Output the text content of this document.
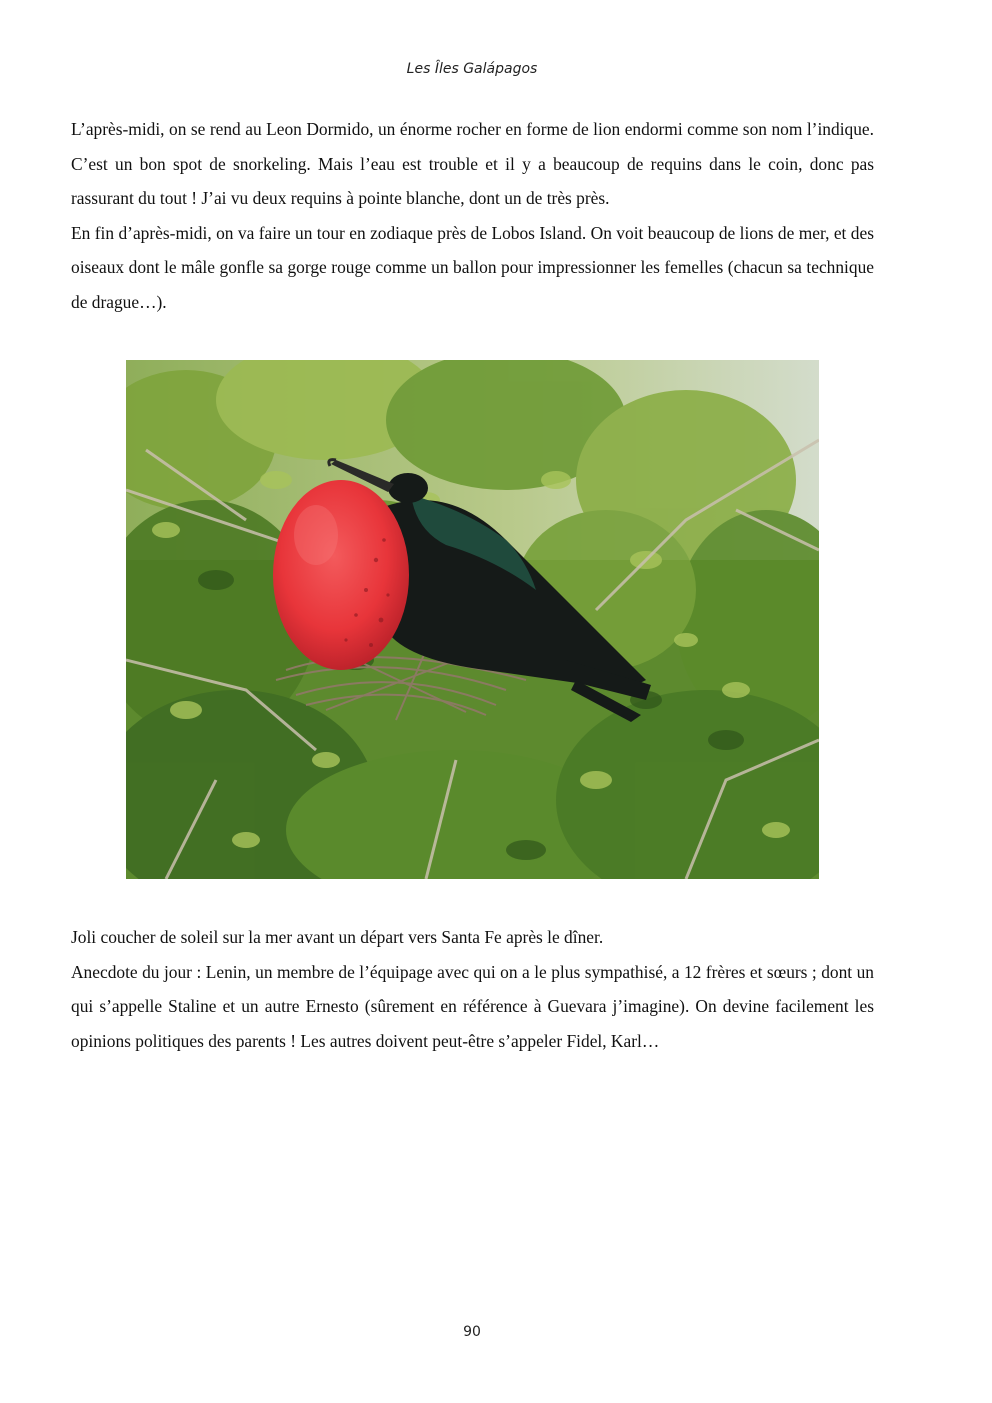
Les Îles Galápagos

L’après-midi, on se rend au Leon Dormido, un énorme rocher en forme de lion endormi comme son nom l’indique. C’est un bon spot de snorkeling. Mais l’eau est trouble et il y a beaucoup de requins dans le coin, donc pas rassurant du tout ! J’ai vu deux requins à pointe blanche, dont un de très près.

En fin d’après-midi, on va faire un tour en zodiaque près de Lobos Island. On voit beaucoup de lions de mer, et des oiseaux dont le mâle gonfle sa gorge rouge comme un ballon pour impressionner les femelles (chacun sa technique de drague…).

Joli coucher de soleil sur la mer avant un départ vers Santa Fe après le dîner.

Anecdote du jour : Lenin, un membre de l’équipage avec qui on a le plus sympathisé, a 12 frères et sœurs ; dont un qui s’appelle Staline et un autre Ernesto (sûrement en référence à Guevara j’imagine). On devine facilement les opinions politiques des parents ! Les autres doivent peut-être s’appeler Fidel, Karl…

90
